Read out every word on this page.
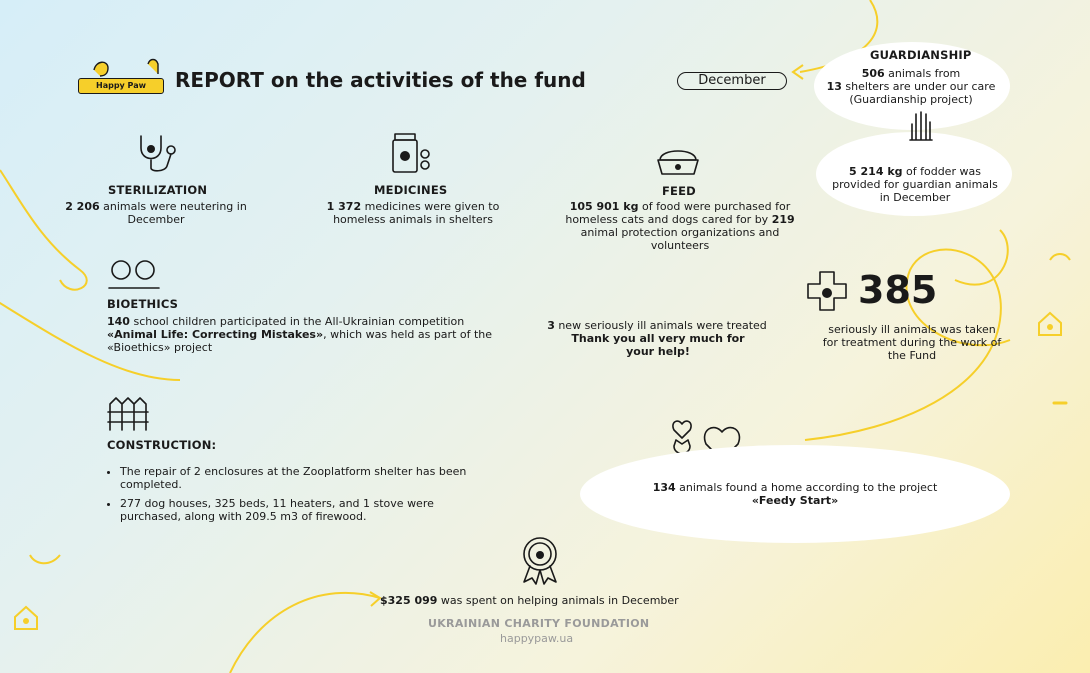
Happy Paw	REPORT on the activities of the fund	December
GUARDIANSHIP
506 animals from
13 shelters are under our care
(Guardianship project)
5 214 kg of fodder was provided for guardian animals in December
STERILIZATION
2 206 animals were neutering in December
MEDICINES
1 372 medicines were given to homeless animals in shelters
FEED
105 901 kg of food were purchased for homeless cats and dogs cared for by 219 animal protection organizations and volunteers
BIOETHICS
140 school children participated in the All-Ukrainian competition «Animal Life: Correcting Mistakes», which was held as part of the «Bioethics» project
3 new seriously ill animals were treated
Thank you all very much for your help!
385
seriously ill animals was taken for treatment during the work of the Fund
CONSTRUCTION:
• The repair of 2 enclosures at the Zooplatform shelter has been completed.
• 277 dog houses, 325 beds, 11 heaters, and 1 stove were purchased, along with 209.5 m3 of firewood.
134 animals found a home according to the project
«Feedy Start»
$325 099 was spent on helping animals in December
UKRAINIAN CHARITY FOUNDATION
happypaw.ua
